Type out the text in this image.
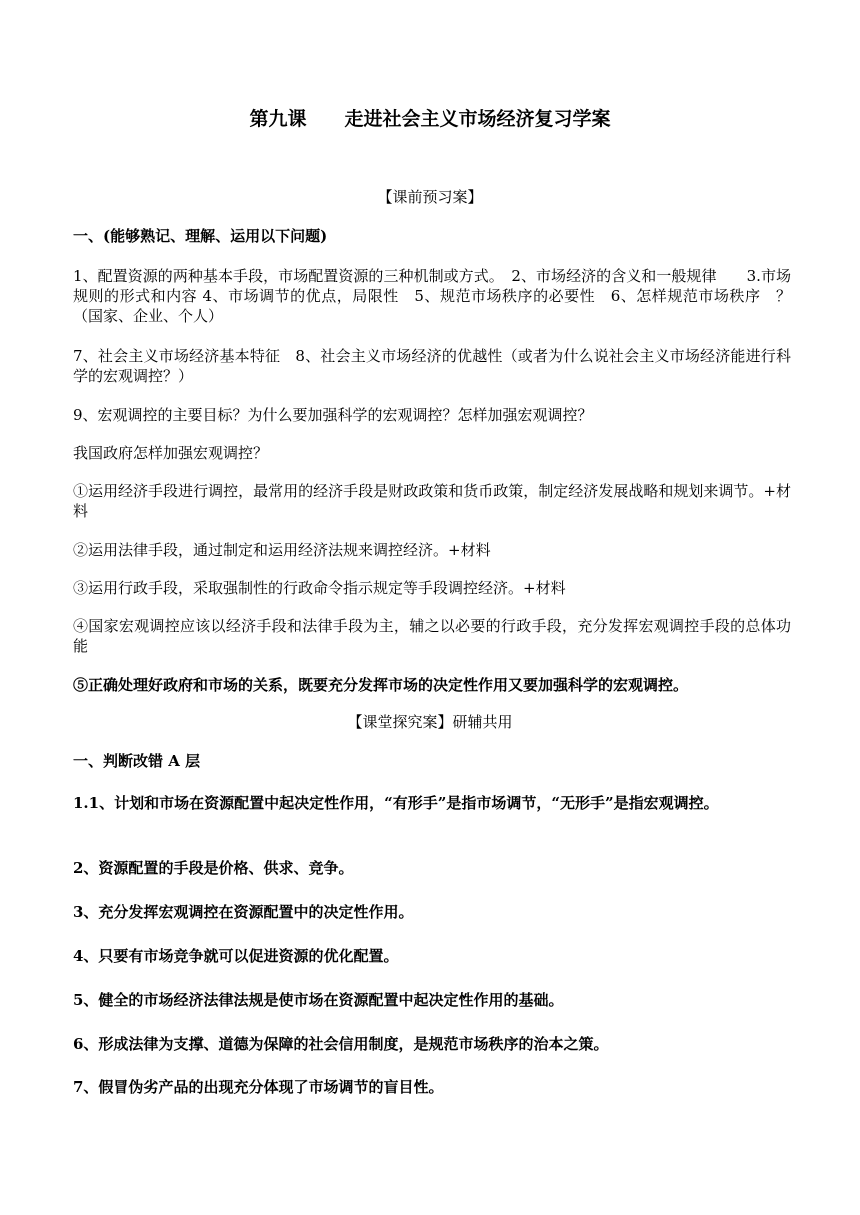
第九课　　走进社会主义市场经济复习学案
【课前预习案】
一、(能够熟记、理解、运用以下问题)
1、配置资源的两种基本手段，市场配置资源的三种机制或方式。　2、市场经济的含义和一般规律　　3.市场规则的形式和内容 4、市场调节的优点，局限性　5、规范市场秩序的必要性　6、怎样规范市场秩序　？（国家、企业、个人）
7、社会主义市场经济基本特征　8、社会主义市场经济的优越性（或者为什么说社会主义市场经济能进行科学的宏观调控？）
9、宏观调控的主要目标？为什么要加强科学的宏观调控？怎样加强宏观调控？
我国政府怎样加强宏观调控？
①运用经济手段进行调控，最常用的经济手段是财政政策和货币政策，制定经济发展战略和规划来调节。+材料
②运用法律手段，通过制定和运用经济法规来调控经济。+材料
③运用行政手段，采取强制性的行政命令指示规定等手段调控经济。+材料
④国家宏观调控应该以经济手段和法律手段为主，辅之以必要的行政手段，充分发挥宏观调控手段的总体功能
⑤正确处理好政府和市场的关系，既要充分发挥市场的决定性作用又要加强科学的宏观调控。
【课堂探究案】研辅共用
一、判断改错 A 层
1.1、计划和市场在资源配置中起决定性作用，“有形手”是指市场调节，“无形手”是指宏观调控。
2、资源配置的手段是价格、供求、竞争。
3、充分发挥宏观调控在资源配置中的决定性作用。
4、只要有市场竞争就可以促进资源的优化配置。
5、健全的市场经济法律法规是使市场在资源配置中起决定性作用的基础。
6、形成法律为支撑、道德为保障的社会信用制度，是规范市场秩序的治本之策。
7、假冒伪劣产品的出现充分体现了市场调节的盲目性。
